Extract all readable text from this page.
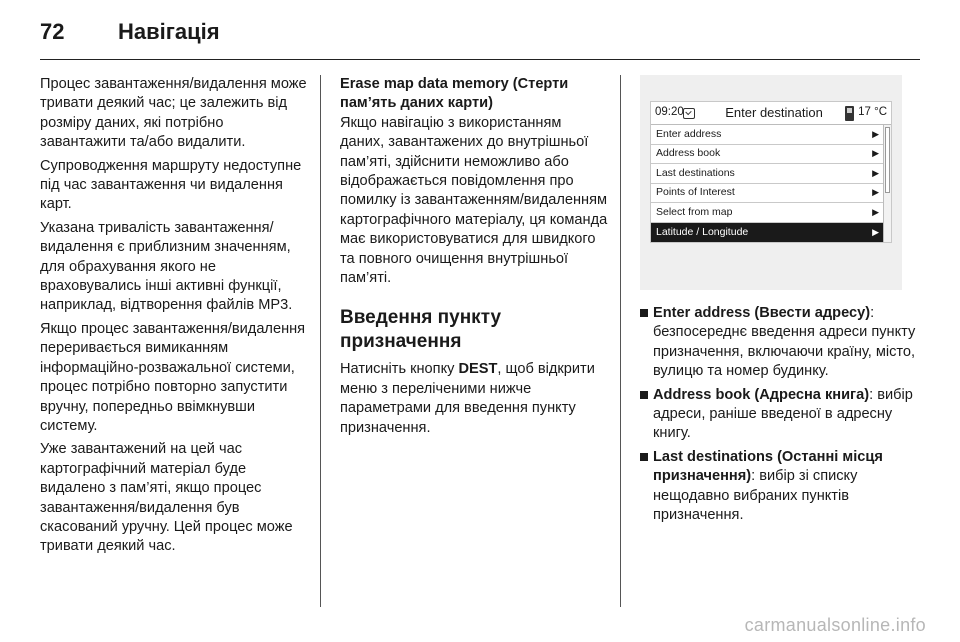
72	Навігація

Процес завантаження/видалення може тривати деякий час; це залежить від розміру даних, які потрібно завантажити та/або видалити.

Супроводження маршруту недоступне під час завантаження чи видалення карт.

Указана тривалість завантаження/видалення є приблизним значенням, для обрахування якого не враховувались інші активні функції, наприклад, відтворення файлів MP3.

Якщо процес завантаження/видалення переривається вимиканням інформаційно-розважальної системи, процес потрібно повторно запустити вручну, попередньо ввімкнувши систему.

Уже завантажений на цей час картографічний матеріал буде видалено з пам’яті, якщо процес завантаження/видалення був скасований уручну. Цей процес може тривати деякий час.

Erase map data memory (Стерти пам’ять даних карти)

Якщо навігацію з використанням даних, завантажених до внутрішньої пам’яті, здійснити неможливо або відображається повідомлення про помилку із завантаженням/видаленням картографічного матеріалу, ця команда має використовуватися для швидкого та повного очищення внутрішньої пам’яті.

Введення пункту призначення

Натисніть кнопку DEST, щоб відкрити меню з переліченими нижче параметрами для введення пункту призначення.

09:20	Enter destination	17 °C
Enter address	▶
Address book	▶
Last destinations	▶
Points of Interest	▶
Select from map	▶
Latitude / Longitude	▶
Enter address (Ввести адресу): безпосереднє введення адреси пункту призначення, включаючи країну, місто, вулицю та номер будинку.
Address book (Адресна книга): вибір адреси, раніше введеної в адресну книгу.
Last destinations (Останні місця призначення): вибір зі списку нещодавно вибраних пунктів призначення.
carmanualsonline.info
